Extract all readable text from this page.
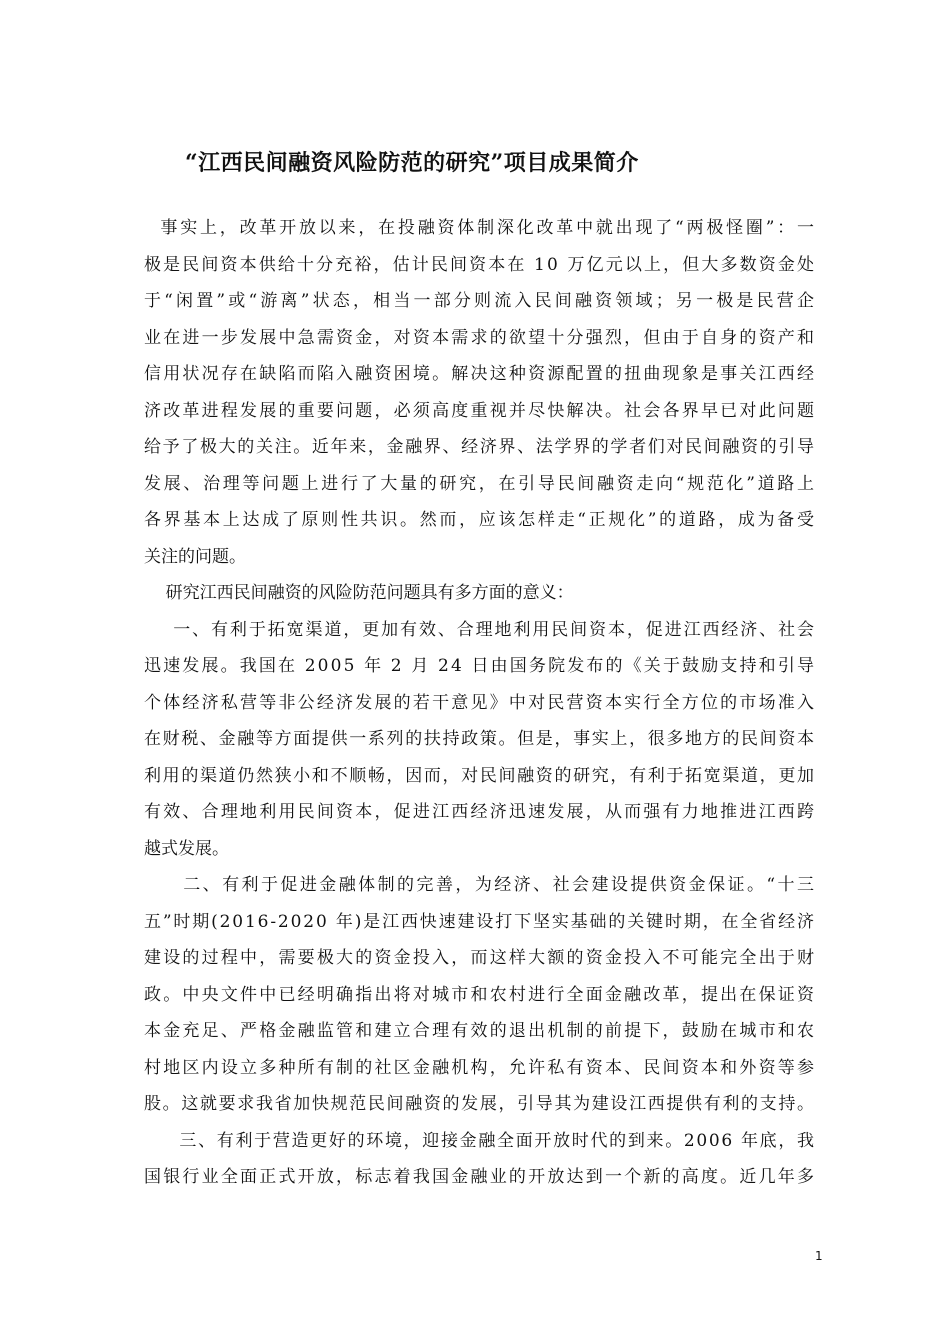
“江西民间融资风险防范的研究”项目成果简介
事实上，改革开放以来，在投融资体制深化改革中就出现了“两极怪圈”：一
极是民间资本供给十分充裕，估计民间资本在 10 万亿元以上，但大多数资金处
于“闲置”或“游离”状态，相当一部分则流入民间融资领域；另一极是民营企
业在进一步发展中急需资金，对资本需求的欲望十分强烈，但由于自身的资产和
信用状况存在缺陷而陷入融资困境。解决这种资源配置的扭曲现象是事关江西经
济改革进程发展的重要问题，必须高度重视并尽快解决。社会各界早已对此问题
给予了极大的关注。近年来，金融界、经济界、法学界的学者们对民间融资的引导
发展、治理等问题上进行了大量的研究，在引导民间融资走向“规范化”道路上
各界基本上达成了原则性共识。然而，应该怎样走“正规化”的道路，成为备受
关注的问题。
研究江西民间融资的风险防范问题具有多方面的意义：
一、有利于拓宽渠道，更加有效、合理地利用民间资本，促进江西经济、社会
迅速发展。我国在 2005 年 2 月 24 日由国务院发布的《关于鼓励支持和引导
个体经济私营等非公经济发展的若干意见》中对民营资本实行全方位的市场准入
在财税、金融等方面提供一系列的扶持政策。但是，事实上，很多地方的民间资本
利用的渠道仍然狭小和不顺畅，因而，对民间融资的研究，有利于拓宽渠道，更加
有效、合理地利用民间资本，促进江西经济迅速发展，从而强有力地推进江西跨
越式发展。
二、有利于促进金融体制的完善，为经济、社会建设提供资金保证。“十三
五”时期(2016-2020 年)是江西快速建设打下坚实基础的关键时期，在全省经济
建设的过程中，需要极大的资金投入，而这样大额的资金投入不可能完全出于财
政。中央文件中已经明确指出将对城市和农村进行全面金融改革，提出在保证资
本金充足、严格金融监管和建立合理有效的退出机制的前提下，鼓励在城市和农
村地区内设立多种所有制的社区金融机构，允许私有资本、民间资本和外资等参
股。这就要求我省加快规范民间融资的发展，引导其为建设江西提供有利的支持。
三、有利于营造更好的环境，迎接金融全面开放时代的到来。2006 年底，我
国银行业全面正式开放，标志着我国金融业的开放达到一个新的高度。近几年多
1
